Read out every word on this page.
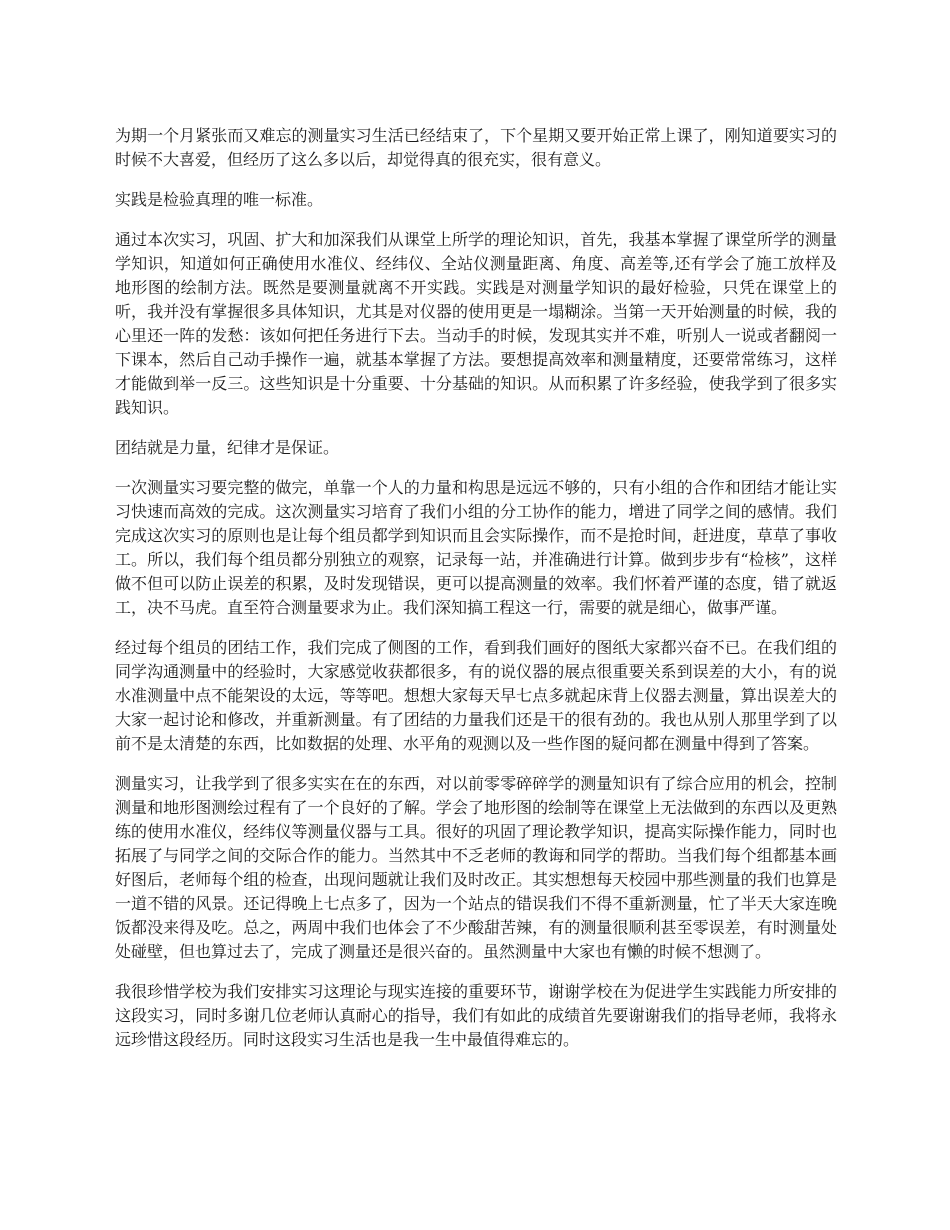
为期一个月紧张而又难忘的测量实习生活已经结束了，下个星期又要开始正常上课了，刚知道要实习的时候不大喜爱，但经历了这么多以后，却觉得真的很充实，很有意义。

实践是检验真理的唯一标准。

通过本次实习，巩固、扩大和加深我们从课堂上所学的理论知识，首先，我基本掌握了课堂所学的测量学知识，知道如何正确使用水准仪、经纬仪、全站仪测量距离、角度、高差等,还有学会了施工放样及地形图的绘制方法。既然是要测量就离不开实践。实践是对测量学知识的最好检验，只凭在课堂上的听，我并没有掌握很多具体知识，尤其是对仪器的使用更是一塌糊涂。当第一天开始测量的时候，我的心里还一阵的发愁：该如何把任务进行下去。当动手的时候，发现其实并不难，听别人一说或者翻阅一下课本，然后自己动手操作一遍，就基本掌握了方法。要想提高效率和测量精度，还要常常练习，这样才能做到举一反三。这些知识是十分重要、十分基础的知识。从而积累了许多经验，使我学到了很多实践知识。

团结就是力量，纪律才是保证。

一次测量实习要完整的做完，单靠一个人的力量和构思是远远不够的，只有小组的合作和团结才能让实习快速而高效的完成。这次测量实习培育了我们小组的分工协作的能力，增进了同学之间的感情。我们完成这次实习的原则也是让每个组员都学到知识而且会实际操作，而不是抢时间，赶进度，草草了事收工。所以，我们每个组员都分别独立的观察，记录每一站，并准确进行计算。做到步步有“检核”，这样做不但可以防止误差的积累，及时发现错误，更可以提高测量的效率。我们怀着严谨的态度，错了就返工，决不马虎。直至符合测量要求为止。我们深知搞工程这一行，需要的就是细心，做事严谨。

经过每个组员的团结工作，我们完成了侧图的工作，看到我们画好的图纸大家都兴奋不已。在我们组的同学沟通测量中的经验时，大家感觉收获都很多，有的说仪器的展点很重要关系到误差的大小，有的说水准测量中点不能架设的太远，等等吧。想想大家每天早七点多就起床背上仪器去测量，算出误差大的大家一起讨论和修改，并重新测量。有了团结的力量我们还是干的很有劲的。我也从别人那里学到了以前不是太清楚的东西，比如数据的处理、水平角的观测以及一些作图的疑问都在测量中得到了答案。

测量实习，让我学到了很多实实在在的东西，对以前零零碎碎学的测量知识有了综合应用的机会，控制测量和地形图测绘过程有了一个良好的了解。学会了地形图的绘制等在课堂上无法做到的东西以及更熟练的使用水准仪，经纬仪等测量仪器与工具。很好的巩固了理论教学知识，提高实际操作能力，同时也拓展了与同学之间的交际合作的能力。当然其中不乏老师的教诲和同学的帮助。当我们每个组都基本画好图后，老师每个组的检查，出现问题就让我们及时改正。其实想想每天校园中那些测量的我们也算是一道不错的风景。还记得晚上七点多了，因为一个站点的错误我们不得不重新测量，忙了半天大家连晚饭都没来得及吃。总之，两周中我们也体会了不少酸甜苦辣，有的测量很顺利甚至零误差，有时测量处处碰壁，但也算过去了，完成了测量还是很兴奋的。虽然测量中大家也有懒的时候不想测了。

我很珍惜学校为我们安排实习这理论与现实连接的重要环节，谢谢学校在为促进学生实践能力所安排的这段实习，同时多谢几位老师认真耐心的指导，我们有如此的成绩首先要谢谢我们的指导老师，我将永远珍惜这段经历。同时这段实习生活也是我一生中最值得难忘的。
